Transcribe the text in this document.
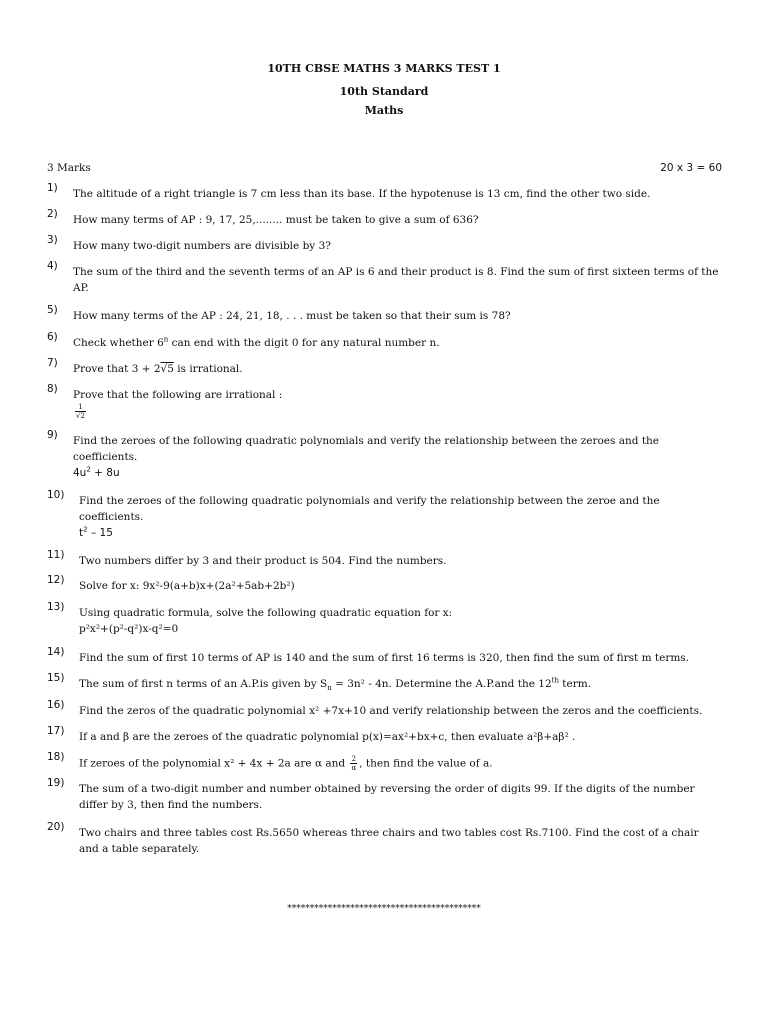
10TH CBSE MATHS 3 MARKS TEST 1
10th Standard
Maths
3 Marks	20 x 3 = 60
1) The altitude of a right triangle is 7 cm less than its base. If the hypotenuse is 13 cm, find the other two side.
2) How many terms of AP : 9, 17, 25,........ must be taken to give a sum of 636?
3) How many two-digit numbers are divisible by 3?
4) The sum of the third and the seventh terms of an AP is 6 and their product is 8. Find the sum of first sixteen terms of the AP.
5) How many terms of the AP : 24, 21, 18, . . . must be taken so that their sum is 78?
6) Check whether 6$^n$ can end with the digit 0 for any natural number n.
7) Prove that 3 + 2√5 is irrational.
8) Prove that the following are irrational :
$\frac{1}{√2}$
9) Find the zeroes of the following quadratic polynomials and verify the relationship between the zeroes and the coefficients.
$4u^2 + 8u$
10) Find the zeroes of the following quadratic polynomials and verify the relationship between the zeroe and the coefficients.
$t^2 - 15$
11) Two numbers differ by 3 and their product is 504. Find the numbers.
12) Solve for x: 9x²-9(a+b)x+(2a²+5ab+2b²)
13) Using quadratic formula, solve the following quadratic equation for x:
p²x²+(p²-q²)x-q²=0
14) Find the sum of first 10 terms of AP is 140 and the sum of first 16 terms is 320, then find the sum of first m terms.
15) The sum of first n terms of an A.P.is given by $S_n = 3n^2 - 4n$. Determine the A.P.and the 12th term.
16) Find the zeros of the quadratic polynomial x² +7x+10 and verify relationship between the zeros and the coefficients.
17) If a and β are the zeroes of the quadratic polynomial p(x)=ax²+bx+c, then evaluate a²β+aβ² .
18)
If zeroes of the polynomial x² + 4x + 2a are α and $\frac{2}{\alpha}$ , then find the value of a.
19) The sum of a two-digit number and number obtained by reversing the order of digits 99. If the digits of the number differ by 3, then find the numbers.
20) Two chairs and three tables cost Rs.5650 whereas three chairs and two tables cost Rs.7100. Find the cost of a chair and a table separately.
*******************************************
